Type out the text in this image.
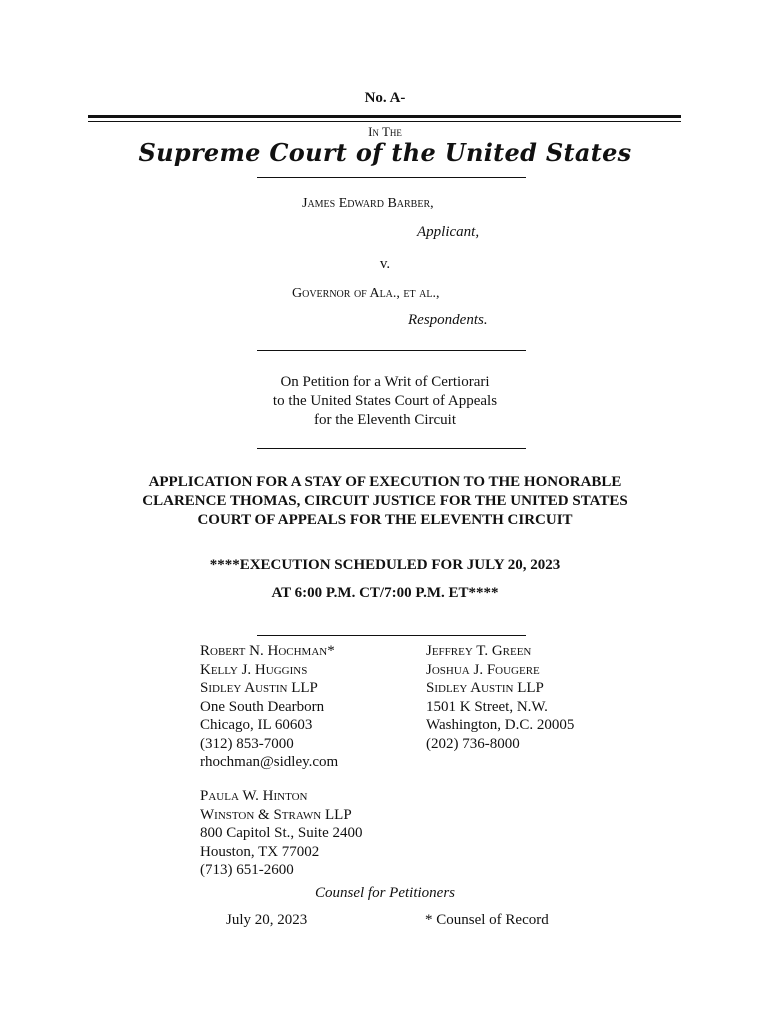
No. A-
In The
Supreme Court of the United States
James Edward Barber,
Applicant,
v.
Governor of Ala., et al.,
Respondents.
On Petition for a Writ of Certiorari
to the United States Court of Appeals
for the Eleventh Circuit
APPLICATION FOR A STAY OF EXECUTION TO THE HONORABLE
CLARENCE THOMAS, CIRCUIT JUSTICE FOR THE UNITED STATES
COURT OF APPEALS FOR THE ELEVENTH CIRCUIT
****EXECUTION SCHEDULED FOR JULY 20, 2023
AT 6:00 P.M. CT/7:00 P.M. ET****
Robert N. Hochman*
Kelly J. Huggins
Sidley Austin LLP
One South Dearborn
Chicago, IL 60603
(312) 853-7000
rhochman@sidley.com
Jeffrey T. Green
Joshua J. Fougere
Sidley Austin LLP
1501 K Street, N.W.
Washington, D.C. 20005
(202) 736-8000
Paula W. Hinton
Winston & Strawn LLP
800 Capitol St., Suite 2400
Houston, TX 77002
(713) 651-2600
Counsel for Petitioners
July 20, 2023	* Counsel of Record
